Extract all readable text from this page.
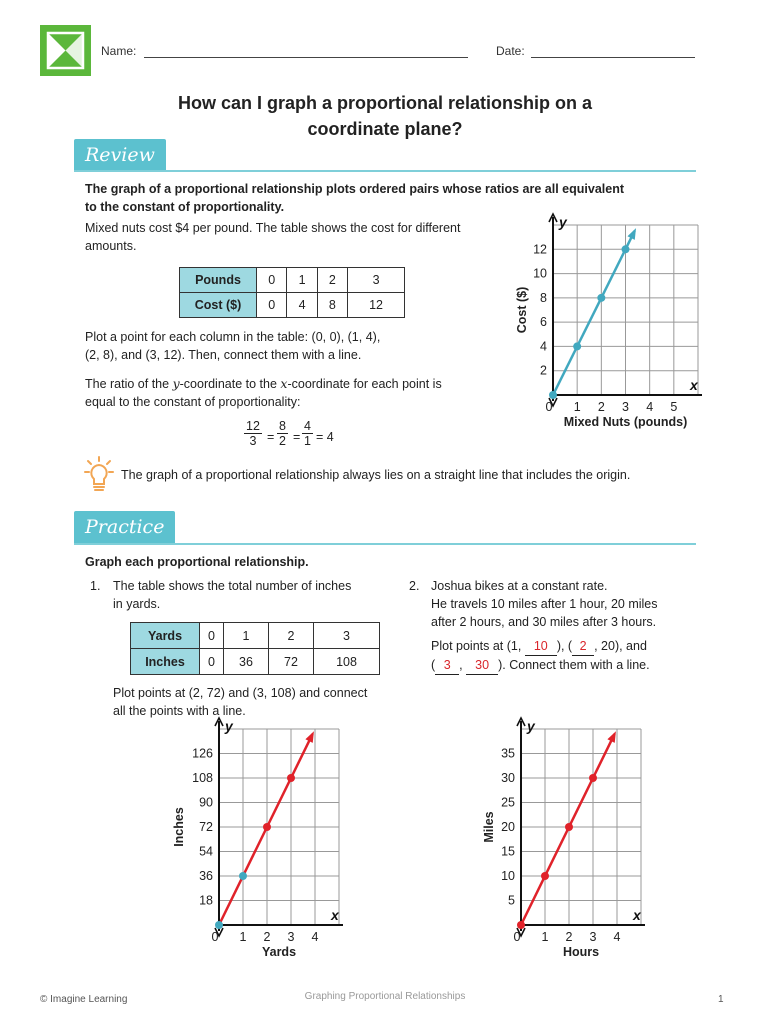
Name:	Date:
How can I graph a proportional relationship on a
coordinate plane?
Review
The graph of a proportional relationship plots ordered pairs whose ratios are all equivalent
to the constant of proportionality.
Mixed nuts cost $4 per pound. The table shows the cost for different
amounts.
Pounds	0	1	2	3
Cost ($)	0	4	8	12
Plot a point for each column in the table: (0, 0), (1, 4),
(2, 8), and (3, 12). Then, connect them with a line.
The ratio of the y-coordinate to the x-coordinate for each point is
equal to the constant of proportionality:
$\frac{12}{3} = \frac{8}{2} = \frac{4}{1} = 4$
y
x
0 1 2 3 4 5
2
4
6
8
10
12
Mixed Nuts (pounds)
Cost ($)
The graph of a proportional relationship always lies on a straight line that includes the origin.
Practice
Graph each proportional relationship.
1. The table shows the total number of inches
in yards.
Yards	0	1	2	3
Inches	0	36	72	108
Plot points at (2, 72) and (3, 108) and connect
all the points with a line.
2. Joshua bikes at a constant rate.
He travels 10 miles after 1 hour, 20 miles
after 2 hours, and 30 miles after 3 hours.
Plot points at (1, 10 ), ( 2 , 20), and
( 3 , 30 ). Connect them with a line.
y
x
0 1 2 3 4
18
36
54
72
90
108
126
Yards
Inches
y
x
0 1 2 3 4
5
10
15
20
25
30
35
Hours
Miles
© Imagine Learning	Graphing Proportional Relationships	1
